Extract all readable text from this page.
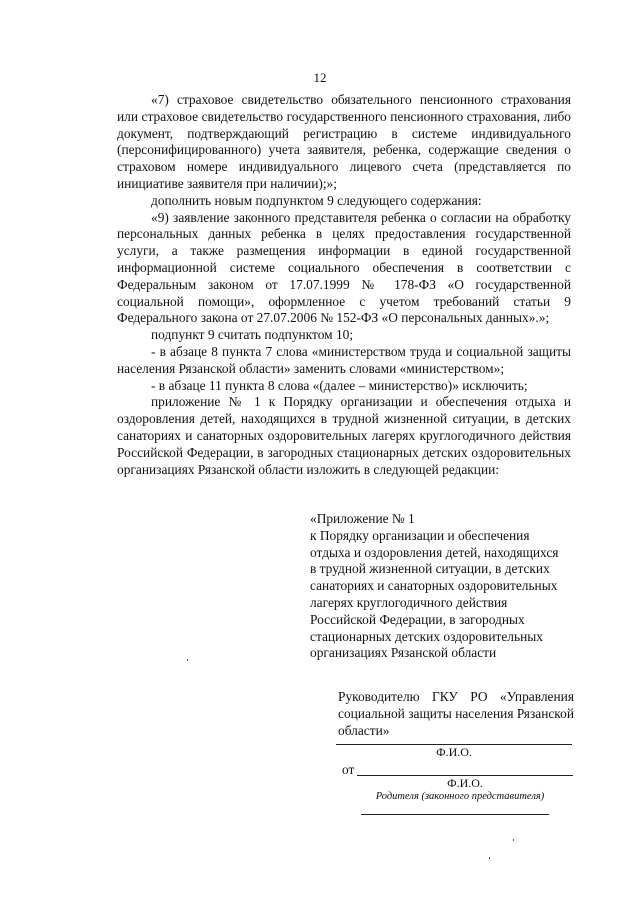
12

«7) страховое свидетельство обязательного пенсионного страхования или страховое свидетельство государственного пенсионного страхования, либо документ, подтверждающий регистрацию в системе индивидуального (персонифицированного) учета заявителя, ребенка, содержащие сведения о страховом номере индивидуального лицевого счета (представляется по инициативе заявителя при наличии);»;

дополнить новым подпунктом 9 следующего содержания:

«9) заявление законного представителя ребенка о согласии на обработку персональных данных ребенка в целях предоставления государственной услуги, а также размещения информации в единой государственной информационной системе социального обеспечения в соответствии с Федеральным законом от 17.07.1999 № 178-ФЗ «О государственной социальной помощи», оформленное с учетом требований статьи 9 Федерального закона от 27.07.2006 № 152-ФЗ «О персональных данных».»;

подпункт 9 считать подпунктом 10;

- в абзаце 8 пункта 7 слова «министерством труда и социальной защиты населения Рязанской области» заменить словами «министерством»;

- в абзаце 11 пункта 8 слова «(далее – министерство)» исключить;

приложение № 1 к Порядку организации и обеспечения отдыха и оздоровления детей, находящихся в трудной жизненной ситуации, в детских санаториях и санаторных оздоровительных лагерях круглогодичного действия Российской Федерации, в загородных стационарных детских оздоровительных организациях Рязанской области изложить в следующей редакции:

«Приложение № 1
к Порядку организации и обеспечения
отдыха и оздоровления детей, находящихся
в трудной жизненной ситуации, в детских
санаториях и санаторных оздоровительных
лагерях круглогодичного действия
Российской Федерации, в загородных
стационарных детских оздоровительных
организациях Рязанской области
Руководителю ГКУ РО «Управления социальной защиты населения Рязанской области»
Ф.И.О.
от
Ф.И.О.
Родителя (законного представителя)
